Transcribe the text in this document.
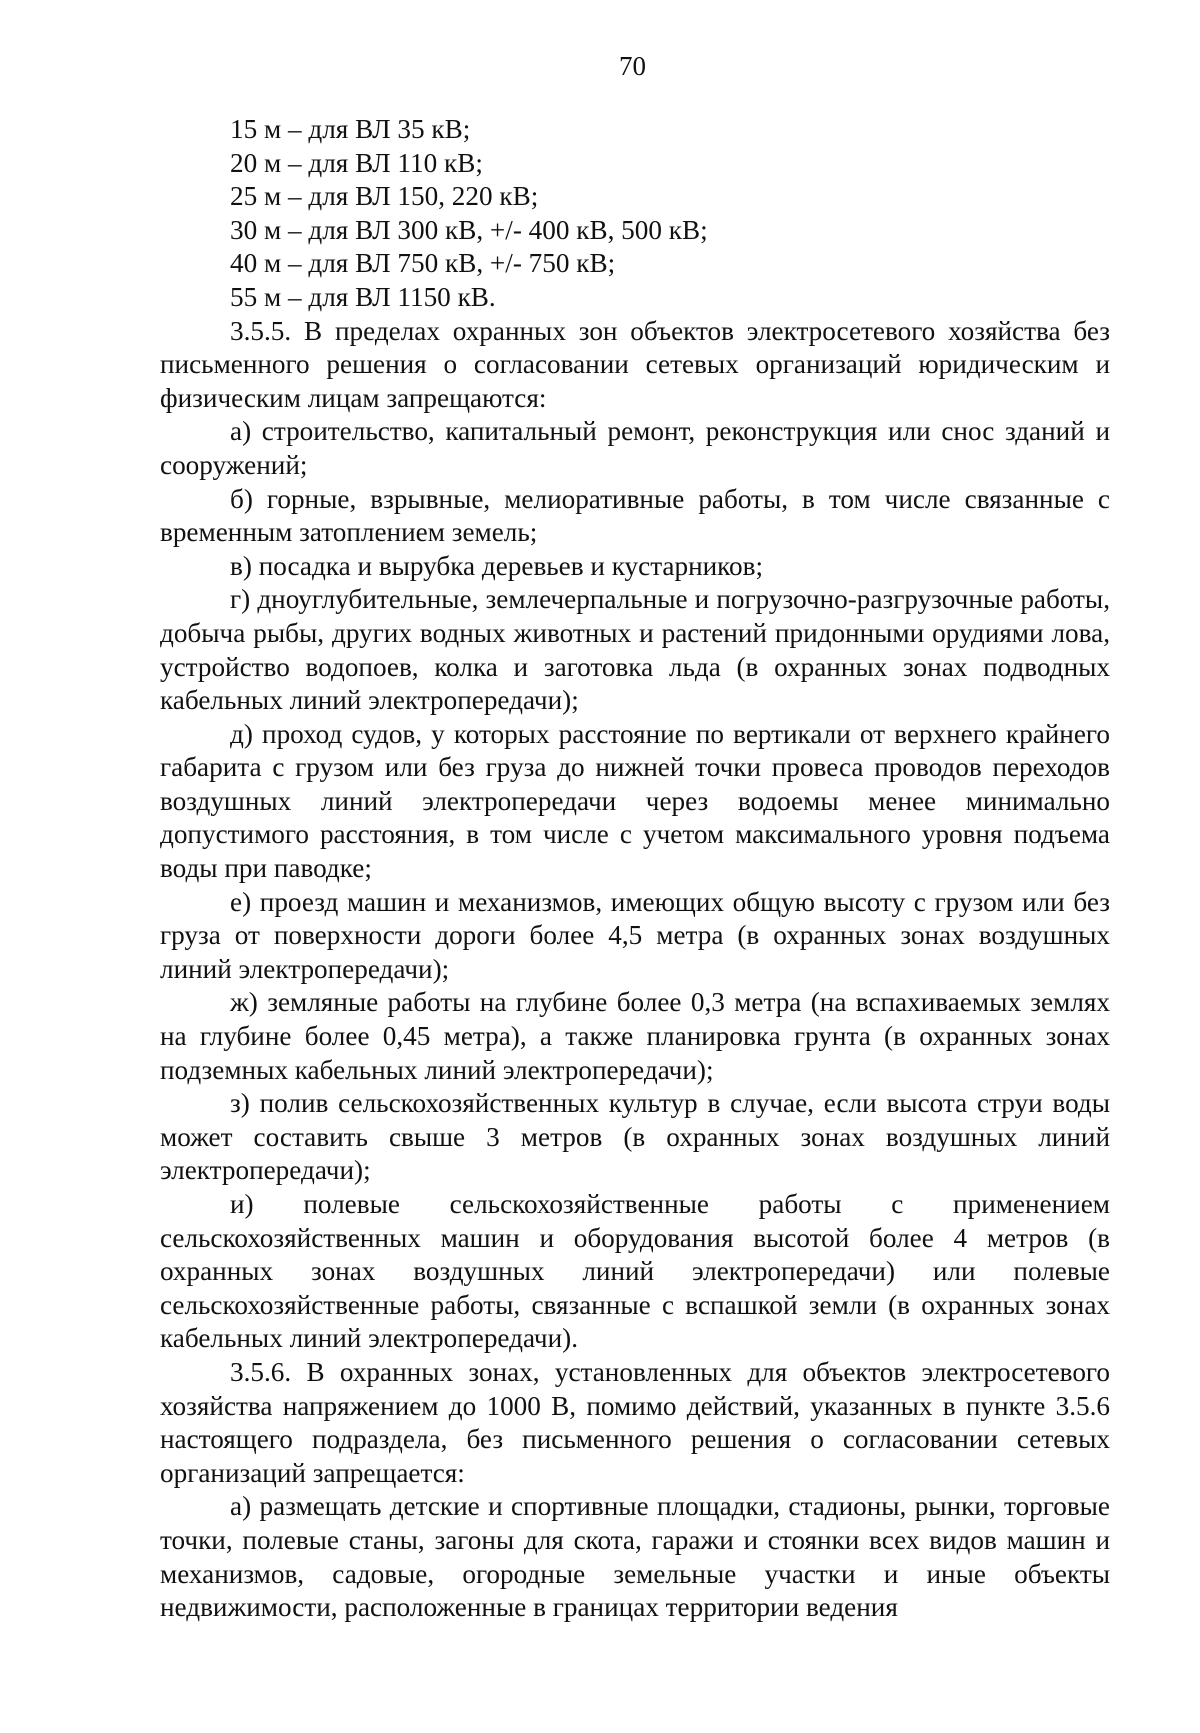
70

15 м – для ВЛ 35 кВ;

20 м – для ВЛ 110 кВ;

25 м – для ВЛ 150, 220 кВ;

30 м – для ВЛ 300 кВ, +/- 400 кВ, 500 кВ;

40 м – для ВЛ 750 кВ, +/- 750 кВ;

55 м – для ВЛ 1150 кВ.

3.5.5. В пределах охранных зон объектов электросетевого хозяйства без письменного решения о согласовании сетевых организаций юридическим и физическим лицам запрещаются:

а) строительство, капитальный ремонт, реконструкция или снос зданий и сооружений;

б) горные, взрывные, мелиоративные работы, в том числе связанные с временным затоплением земель;

в) посадка и вырубка деревьев и кустарников;

г) дноуглубительные, землечерпальные и погрузочно-разгрузочные работы, добыча рыбы, других водных животных и растений придонными орудиями лова, устройство водопоев, колка и заготовка льда (в охранных зонах подводных кабельных линий электропередачи);

д) проход судов, у которых расстояние по вертикали от верхнего крайнего габарита с грузом или без груза до нижней точки провеса проводов переходов воздушных линий электропередачи через водоемы менее минимально допустимого расстояния, в том числе с учетом максимального уровня подъема воды при паводке;

е) проезд машин и механизмов, имеющих общую высоту с грузом или без груза от поверхности дороги более 4,5 метра (в охранных зонах воздушных линий электропередачи);

ж) земляные работы на глубине более 0,3 метра (на вспахиваемых землях на глубине более 0,45 метра), а также планировка грунта (в охранных зонах подземных кабельных линий электропередачи);

з) полив сельскохозяйственных культур в случае, если высота струи воды может составить свыше 3 метров (в охранных зонах воздушных линий электропередачи);

и) полевые сельскохозяйственные работы с применением сельскохозяйственных машин и оборудования высотой более 4 метров (в охранных зонах воздушных линий электропередачи) или полевые сельскохозяйственные работы, связанные с вспашкой земли (в охранных зонах кабельных линий электропередачи).

3.5.6. В охранных зонах, установленных для объектов электросетевого хозяйства напряжением до 1000 В, помимо действий, указанных в пункте 3.5.6 настоящего подраздела, без письменного решения о согласовании сетевых организаций запрещается:

а) размещать детские и спортивные площадки, стадионы, рынки, торговые точки, полевые станы, загоны для скота, гаражи и стоянки всех видов машин и механизмов, садовые, огородные земельные участки и иные объекты недвижимости, расположенные в границах территории ведения
